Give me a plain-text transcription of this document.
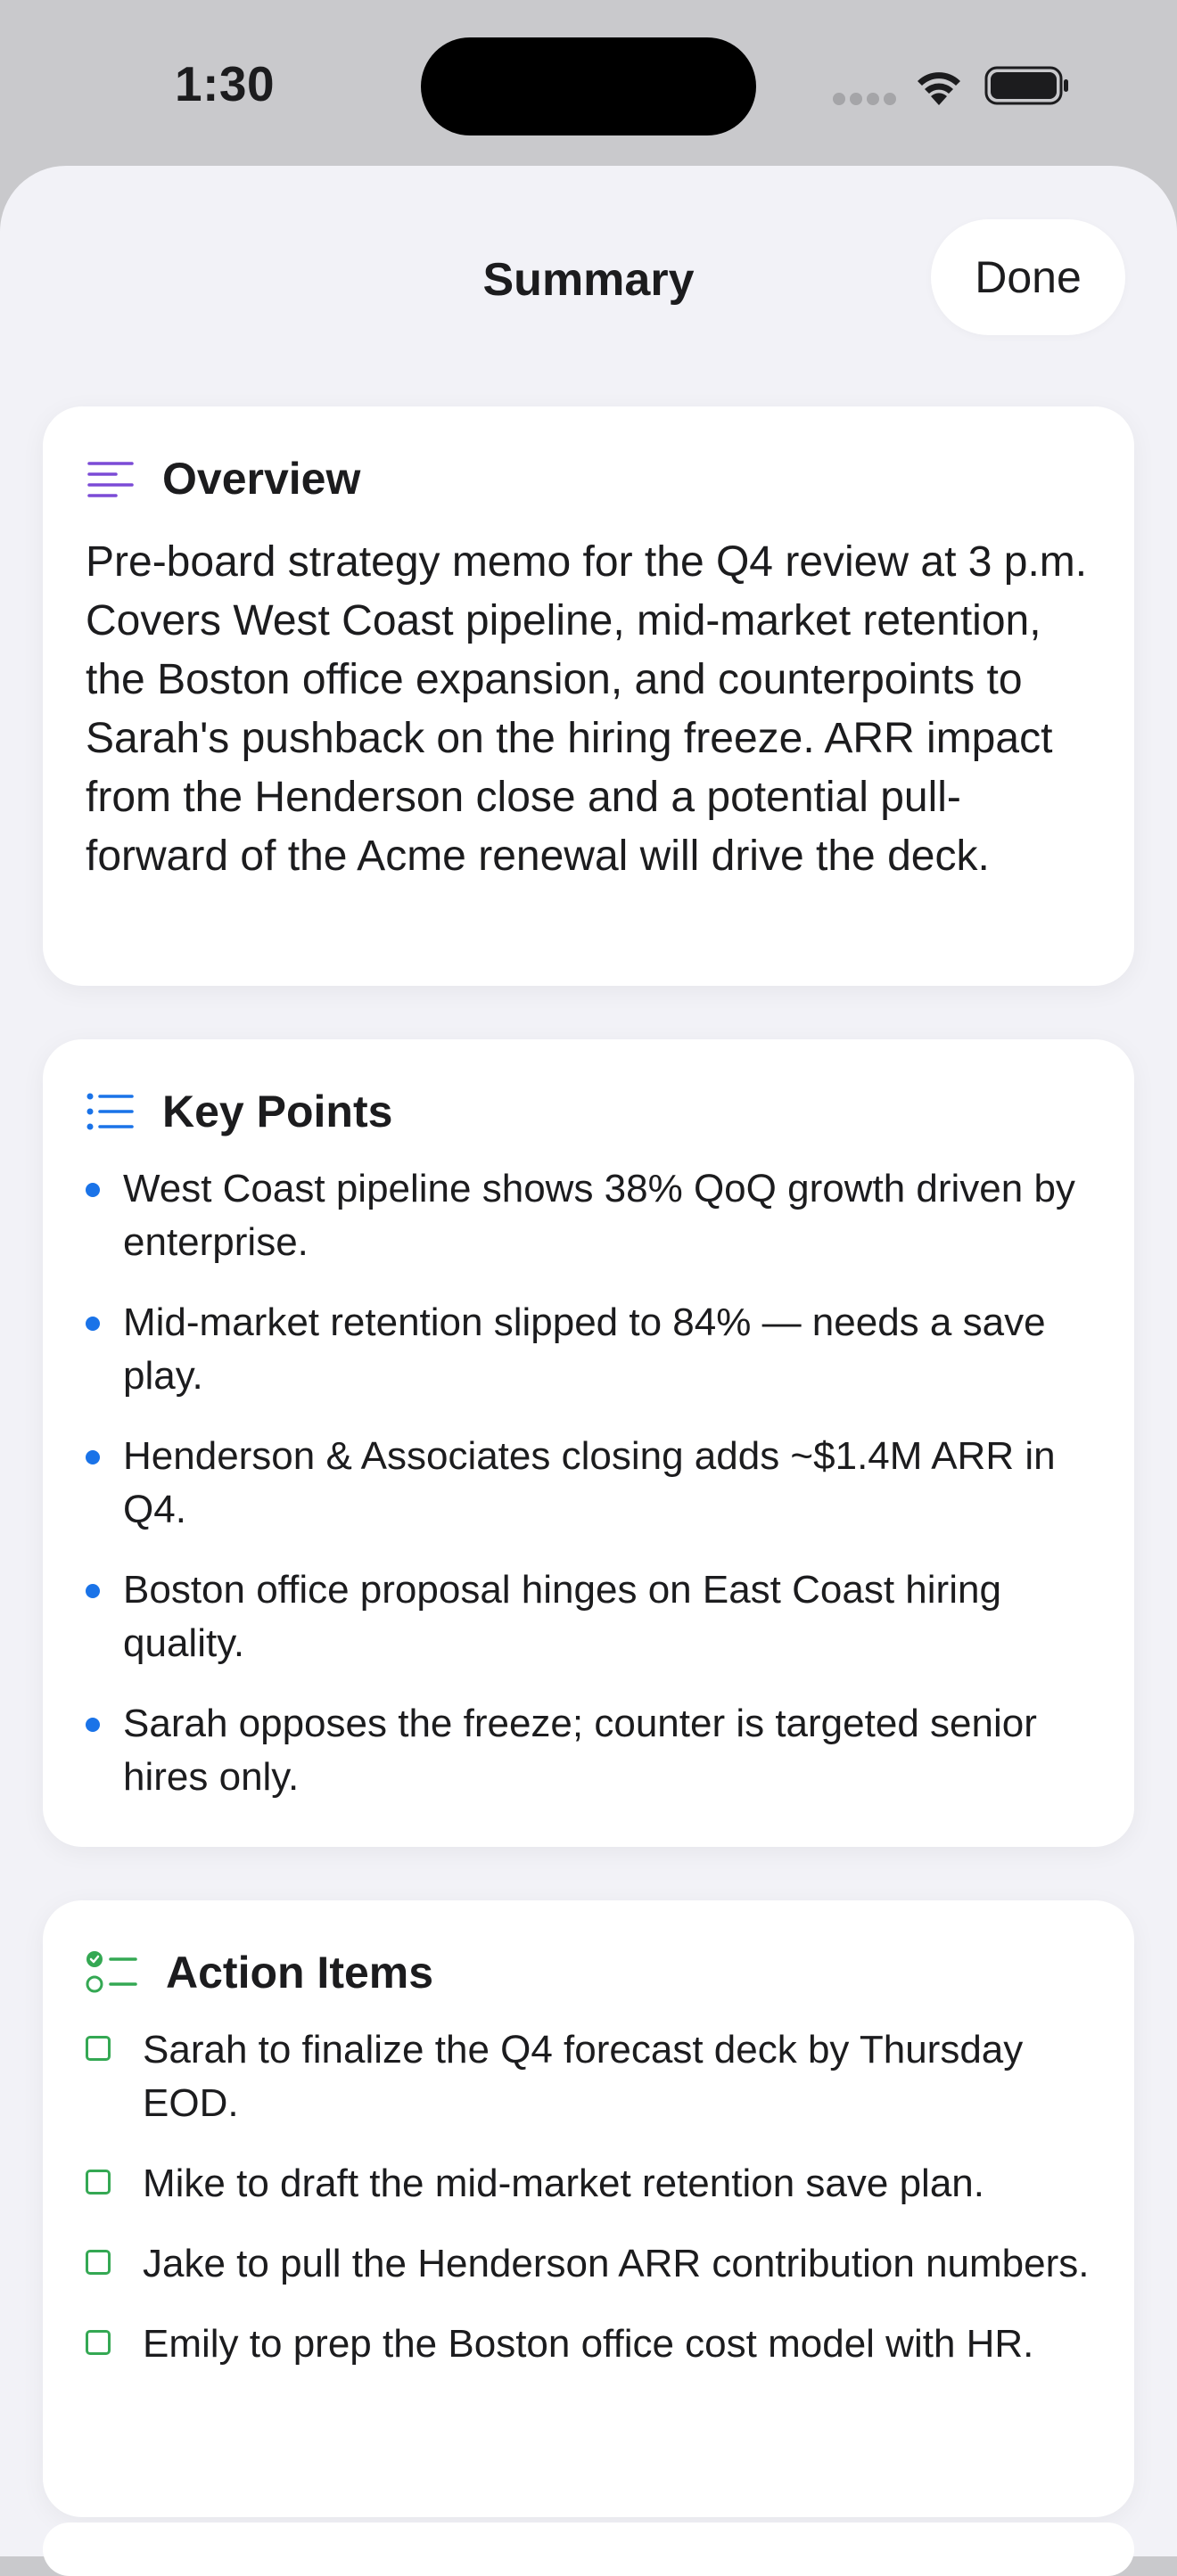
1:30
Summary	Done
Overview
Pre-board strategy memo for the Q4 review at 3 p.m. Covers West Coast pipeline, mid-market retention, the Boston office expansion, and counterpoints to Sarah's pushback on the hiring freeze. ARR impact from the Henderson close and a potential pull-forward of the Acme renewal will drive the deck.
Key Points
West Coast pipeline shows 38% QoQ growth driven by enterprise.
Mid-market retention slipped to 84% — needs a save play.
Henderson & Associates closing adds ~$1.4M ARR in Q4.
Boston office proposal hinges on East Coast hiring quality.
Sarah opposes the freeze; counter is targeted senior hires only.
Action Items
Sarah to finalize the Q4 forecast deck by Thursday EOD.
Mike to draft the mid-market retention save plan.
Jake to pull the Henderson ARR contribution numbers.
Emily to prep the Boston office cost model with HR.
